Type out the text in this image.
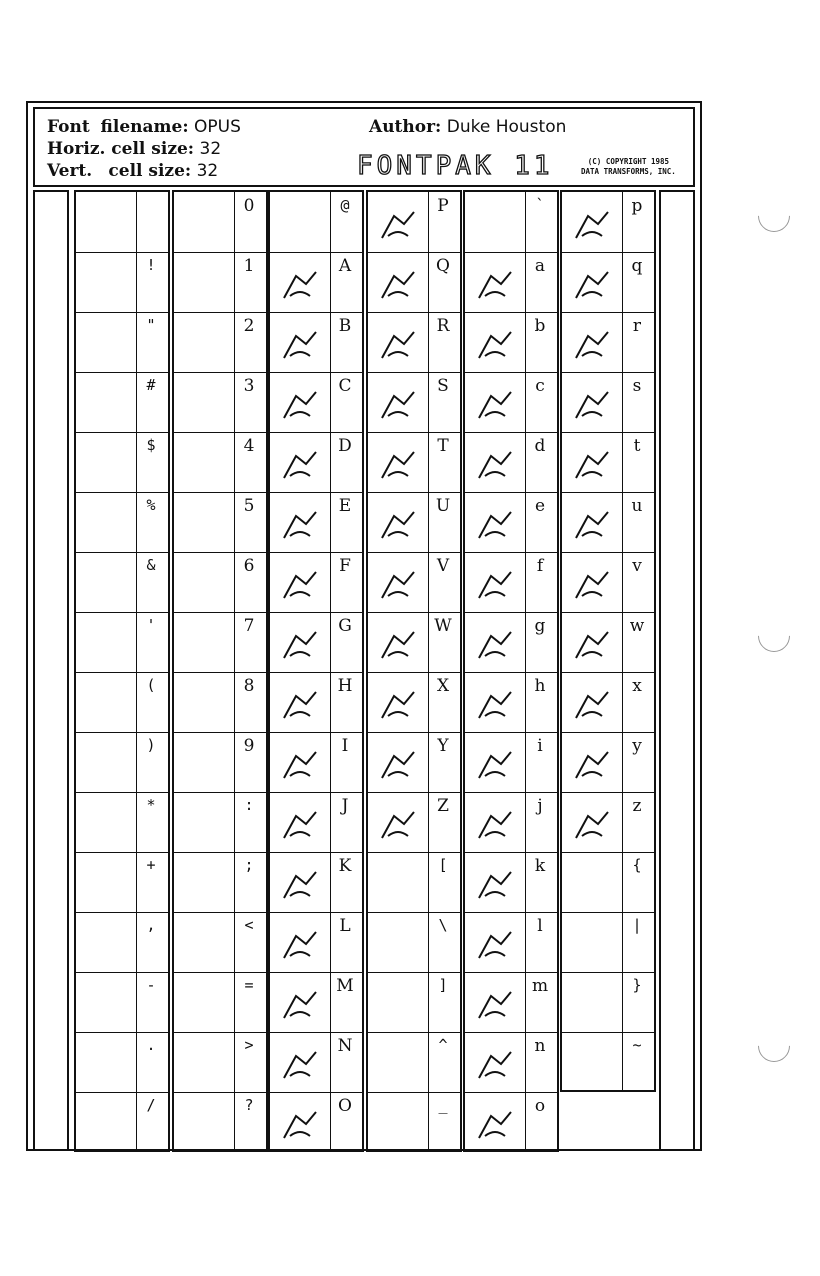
Font filename: OPUS
Horiz. cell size: 32
Vert. cell size: 32
Author: Duke Houston
FONTPAK 11	(C) COPYRIGHT 1985
DATA TRANSFORMS, INC.
!
"
#
$
%
&
'
(
)
*
+
,
-
.
/
0
1
2
3
4
5
6
7
8
9
:
;
<
=
>
?
@
A
B
C
D
E
F
G
H
I
J
K
L
M
N
O
P
Q
R
S
T
U
V
W
X
Y
Z
[
\
]
^
_
`
a
b
c
d
e
f
g
h
i
j
k
l
m
n
o
p
q
r
s
t
u
v
w
x
y
z
{
|
}
~
